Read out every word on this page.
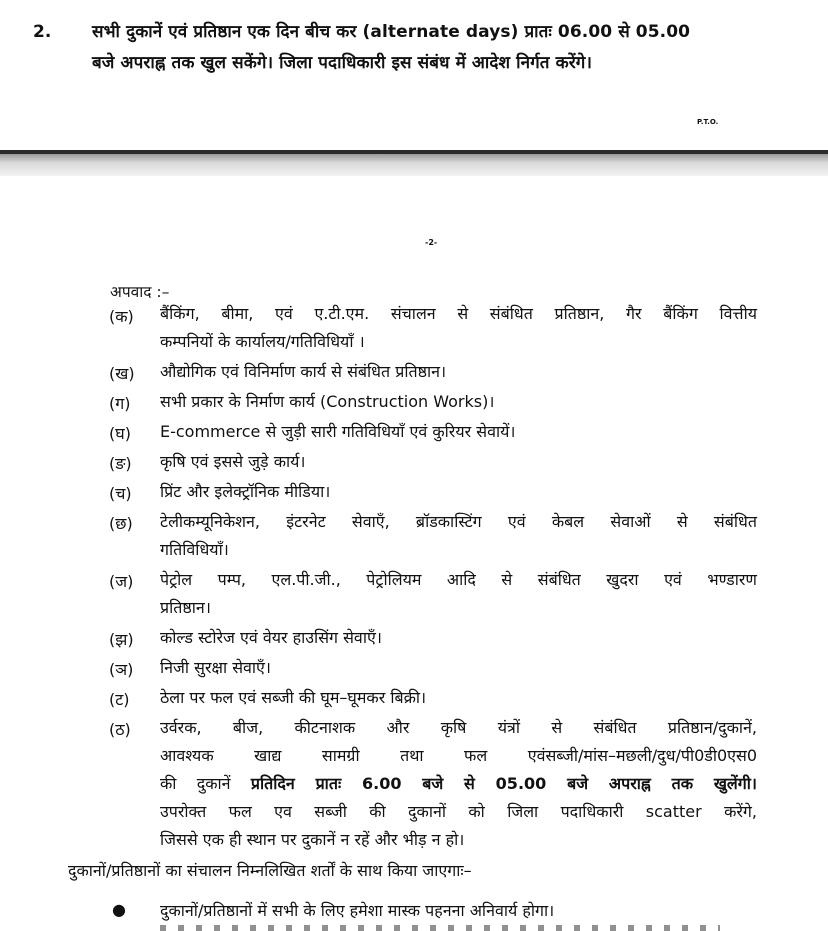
2. सभी दुकानें एवं प्रतिष्ठान एक दिन बीच कर (alternate days) प्रातः 06.00 से 05.00
बजे अपराह्न तक खुल सकेंगे। जिला पदाधिकारी इस संबंध में आदेश निर्गत करेंगे।
P.T.O.
-2-
अपवाद :–
(क) बैंकिंग, बीमा, एवं ए.टी.एम. संचालन से संबंधित प्रतिष्ठान, गैर बैंकिंग वित्तीय
कम्पनियों के कार्यालय/गतिविधियाँ ।
(ख) औद्योगिक एवं विनिर्माण कार्य से संबंधित प्रतिष्ठान।
(ग) सभी प्रकार के निर्माण कार्य (Construction Works)।
(घ) E-commerce से जुड़ी सारी गतिविधियाँ एवं कुरियर सेवायें।
(ङ) कृषि एवं इससे जुड़े कार्य।
(च) प्रिंट और इलेक्ट्रॉनिक मीडिया।
(छ) टेलीकम्यूनिकेशन, इंटरनेट सेवाएँ, ब्रॉडकास्टिंग एवं केबल सेवाओं से संबंधित
गतिविधियाँ।
(ज) पेट्रोल पम्प, एल.पी.जी., पेट्रोलियम आदि से संबंधित खुदरा एवं भण्डारण
प्रतिष्ठान।
(झ) कोल्ड स्टोरेज एवं वेयर हाउसिंग सेवाएँ।
(ञ) निजी सुरक्षा सेवाएँ।
(ट) ठेला पर फल एवं सब्जी की घूम–घूमकर बिक्री।
(ठ) उर्वरक, बीज, कीटनाशक और कृषि यंत्रों से संबंधित प्रतिष्ठान/दुकानें,
आवश्यक खाद्य सामग्री तथा फल एवंसब्जी/मांस–मछली/दुध/पी0डी0एस0
की दुकानें प्रतिदिन प्रातः 6.00 बजे से 05.00 बजे अपराह्न तक खुलेंगी।
उपरोक्त फल एव सब्जी की दुकानों को जिला पदाधिकारी scatter करेंगे,
जिससे एक ही स्थान पर दुकानें न रहें और भीड़ न हो।
दुकानों/प्रतिष्ठानों का संचालन निम्नलिखित शर्तों के साथ किया जाएगाः–
● दुकानों/प्रतिष्ठानों में सभी के लिए हमेशा मास्क पहनना अनिवार्य होगा।
